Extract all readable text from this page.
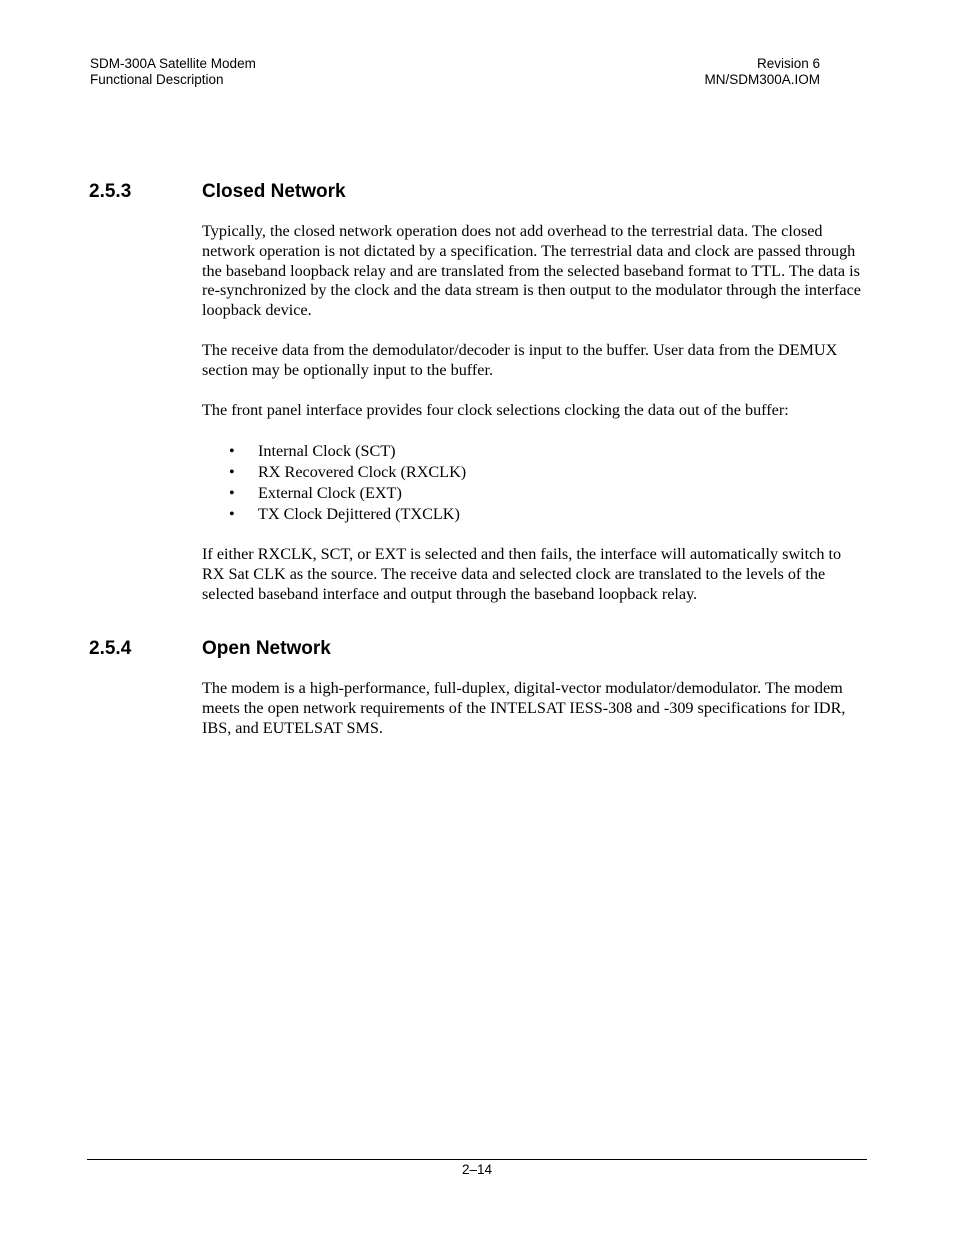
SDM-300A Satellite Modem
Functional Description
Revision 6
MN/SDM300A.IOM
2.5.3	Closed Network

Typically, the closed network operation does not add overhead to the terrestrial data. The closed network operation is not dictated by a specification. The terrestrial data and clock are passed through the baseband loopback relay and are translated from the selected baseband format to TTL. The data is re-synchronized by the clock and the data stream is then output to the modulator through the interface loopback device.

The receive data from the demodulator/decoder is input to the buffer. User data from the DEMUX section may be optionally input to the buffer.

The front panel interface provides four clock selections clocking the data out of the buffer:

• Internal Clock (SCT)
• RX Recovered Clock (RXCLK)
• External Clock (EXT)
• TX Clock Dejittered (TXCLK)

If either RXCLK, SCT, or EXT is selected and then fails, the interface will automatically switch to RX Sat CLK as the source. The receive data and selected clock are translated to the levels of the selected baseband interface and output through the baseband loopback relay.

2.5.4	Open Network

The modem is a high-performance, full-duplex, digital-vector modulator/demodulator. The modem meets the open network requirements of the INTELSAT IESS-308 and -309 specifications for IDR, IBS, and EUTELSAT SMS.

2–14
